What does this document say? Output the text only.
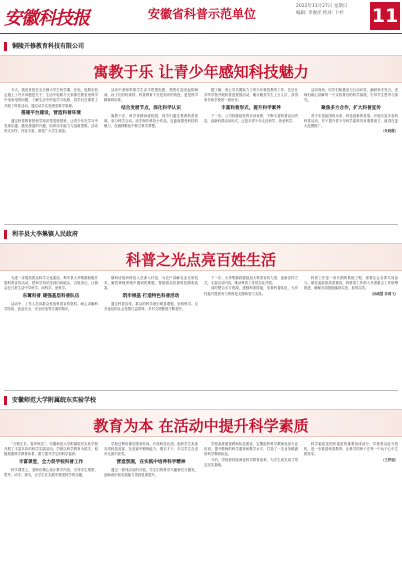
安徽科技报	安徽省科普示范单位
2022年11月27日 星期日
编辑: 李俊洋 校对: 卜杉 11
铜陵开修教育科技有限公司
寓教于乐 让青少年感知科技魅力

今天，我省首批在全日制小学生科学课，在电，电路实验会遇上了许多问题是关于，生活中电路与大家都在教室里科学中电用电的问题，了解生活中的电学与电路，同学们在课堂上开展了科普活动，通过动手实验感受科学原理。

搭建平台建设，营造科普环境

通过科普教育把科学知识带进校园里，让青少年在学习中发现乐趣，激发探索的兴趣，培养动手能力与创新思维。活动形式多样，内容丰富，深受广大学生欢迎。

活动中老师带领学生亲手搭建电路，观察灯泡亮起的瞬间，孩子们纷纷欢呼。科普教育不仅是知识的传授，更是科学精神的培育。

结合发展节点，深化科学认识

寓教于乐，科学家精神进校园，同学们通过观看科普视频，参与科学互动，动手制作科技小作品，近距离感受科技的魅力，在潜移默化中树立科学梦想。

据了解，该公司长期致力于青少年科技教育工作，先后在多所学校开展科普进校园活动，累计服务学生上万人次，获得家长和学校的一致好评。

丰富科普形式，提升科学素养

下一步，公司将继续发挥自身优势，不断丰富科普活动内容，创新科普活动形式，让更多青少年走近科学、热爱科学。

活动现场，同学们积极参与互动问答，踊跃举手发言。老师们耐心讲解每一个实验背后的科学原理，引导学生思考与探究。

聚焦多方合作，扩大科普宣传

青少年是祖国的未来，科技创新的希望。开展丰富多彩的科普活动，对于提升青少年科学素养具有重要意义，值得在更大范围推广。

（朱晓霞）

利辛县大李集镇人民政府
科普之光点亮百姓生活

为进一步提高群众科学文化素质，利辛县大李集镇积极开展科普宣传活动，把科学知识送到田间地头、百姓身边，让群众在日常生活中学科学、用科学、爱科学。

东篱科普 建强基层科普队伍

活动中，工作人员向群众发放科普宣传资料，耐心讲解科学防疫、食品安全、安全用电等方面的知识。

镇科协组织科技人员深入村组，为农户讲解农业实用技术，解答种植养殖中遇到的难题，帮助群众依靠科技增收致富。

筑牢根基 打造特色科普活动

通过科普宣传，群众的科学意识明显增强，崇尚科学、反对迷信的社会氛围日益浓厚，乡村文明程度不断提升。

下一步，大李集镇将继续加大科普宣传力度，创新宣传方式，丰富活动内容，推动科普工作常态化开展。

同时整合多方资源，建强科普阵地，培育科普队伍，为乡村振兴提供有力的科技支撑和智力支持。

科普工作是一项长期的系统工程，需要社会各界共同参与。镇党委政府高度重视，将科普工作纳入年度重点工作统筹推进，确保各项措施落到实处、取得实效。

（孙晓慧 李鸿飞）

安徽师范大学附属皖东实验学校
教育为本 在活动中提升科学素质

“万物生长，春华秋实”，安徽师范大学附属皖东实验学校开展了丰富多彩的科学实践活动。学校以科学教育为抓手，积极构建科学教育体系，着力提升学生的科学素养。

丰富课堂，全力促学校科普工作

科学课堂上，老师们精心设计教学内容，引导学生观察、思考、动手、探究，让学生在实践中感受科学的乐趣。

学校还利用课后服务时间，开设科技社团，组织学生参加各类科技竞赛，在竞赛中锻炼能力、增长才干，多名学生在省市比赛中获奖。

营造氛围，在实践中培养科学精神

通过一系列活动的开展，学生们的科学兴趣被充分激发，创新意识和实践能力得到显著提升。

学校高度重视教师队伍建设，定期组织科学教师参加专业培训，提升教师的科学素养和教学水平，打造了一支业务精湛的科学教师队伍。

今后，学校将持续深化科学教育改革，为学生成长成才奠定坚实基础。

科学素质是国民素质的重要组成部分，学校将以此为契机，进一步推进科普教育，让科学的种子在每一个孩子心中生根发芽。

（王梦迪）
